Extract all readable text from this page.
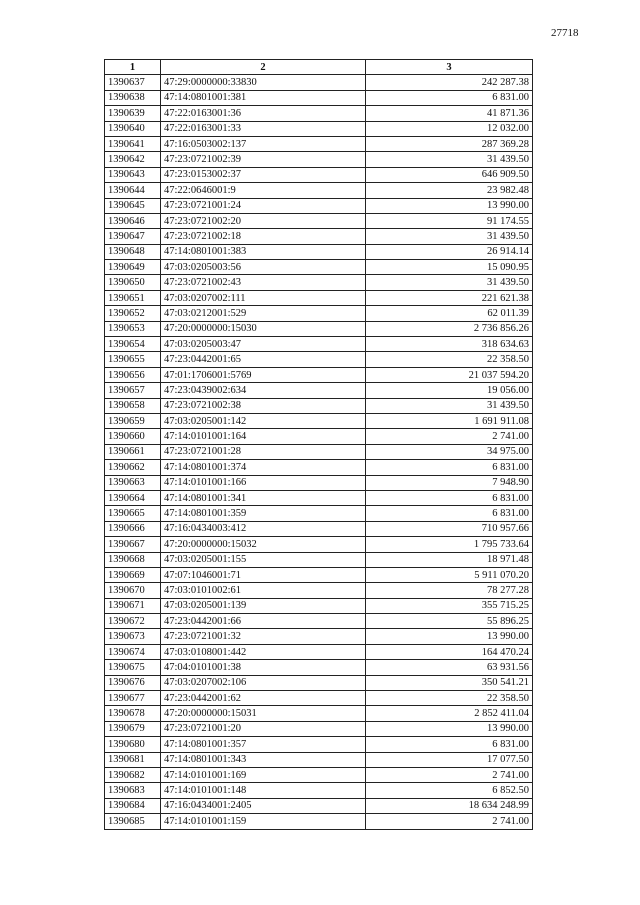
27718
1	2	3
1390637	47:29:0000000:33830	242 287.38
1390638	47:14:0801001:381	6 831.00
1390639	47:22:0163001:36	41 871.36
1390640	47:22:0163001:33	12 032.00
1390641	47:16:0503002:137	287 369.28
1390642	47:23:0721002:39	31 439.50
1390643	47:23:0153002:37	646 909.50
1390644	47:22:0646001:9	23 982.48
1390645	47:23:0721001:24	13 990.00
1390646	47:23:0721002:20	91 174.55
1390647	47:23:0721002:18	31 439.50
1390648	47:14:0801001:383	26 914.14
1390649	47:03:0205003:56	15 090.95
1390650	47:23:0721002:43	31 439.50
1390651	47:03:0207002:111	221 621.38
1390652	47:03:0212001:529	62 011.39
1390653	47:20:0000000:15030	2 736 856.26
1390654	47:03:0205003:47	318 634.63
1390655	47:23:0442001:65	22 358.50
1390656	47:01:1706001:5769	21 037 594.20
1390657	47:23:0439002:634	19 056.00
1390658	47:23:0721002:38	31 439.50
1390659	47:03:0205001:142	1 691 911.08
1390660	47:14:0101001:164	2 741.00
1390661	47:23:0721001:28	34 975.00
1390662	47:14:0801001:374	6 831.00
1390663	47:14:0101001:166	7 948.90
1390664	47:14:0801001:341	6 831.00
1390665	47:14:0801001:359	6 831.00
1390666	47:16:0434003:412	710 957.66
1390667	47:20:0000000:15032	1 795 733.64
1390668	47:03:0205001:155	18 971.48
1390669	47:07:1046001:71	5 911 070.20
1390670	47:03:0101002:61	78 277.28
1390671	47:03:0205001:139	355 715.25
1390672	47:23:0442001:66	55 896.25
1390673	47:23:0721001:32	13 990.00
1390674	47:03:0108001:442	164 470.24
1390675	47:04:0101001:38	63 931.56
1390676	47:03:0207002:106	350 541.21
1390677	47:23:0442001:62	22 358.50
1390678	47:20:0000000:15031	2 852 411.04
1390679	47:23:0721001:20	13 990.00
1390680	47:14:0801001:357	6 831.00
1390681	47:14:0801001:343	17 077.50
1390682	47:14:0101001:169	2 741.00
1390683	47:14:0101001:148	6 852.50
1390684	47:16:0434001:2405	18 634 248.99
1390685	47:14:0101001:159	2 741.00
